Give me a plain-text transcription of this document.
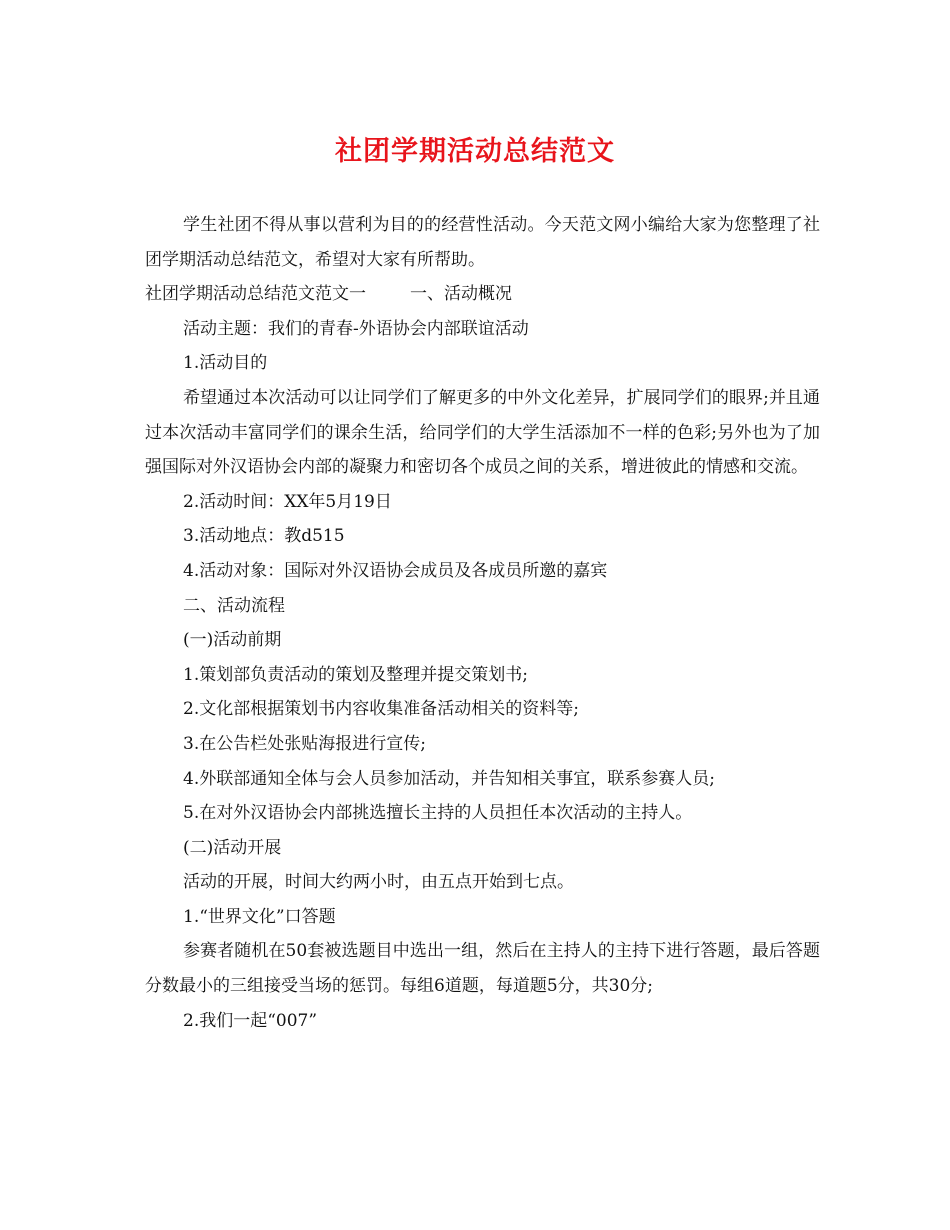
社团学期活动总结范文

学生社团不得从事以营利为目的的经营性活动。今天范文网小编给大家为您整理了社团学期活动总结范文，希望对大家有所帮助。

社团学期活动总结范文范文一	一、活动概况

活动主题：我们的青春-外语协会内部联谊活动

1.活动目的

希望通过本次活动可以让同学们了解更多的中外文化差异，扩展同学们的眼界;并且通过本次活动丰富同学们的课余生活，给同学们的大学生活添加不一样的色彩;另外也为了加强国际对外汉语协会内部的凝聚力和密切各个成员之间的关系，增进彼此的情感和交流。

2.活动时间：XX年5月19日

3.活动地点：教d515

4.活动对象：国际对外汉语协会成员及各成员所邀的嘉宾

二、活动流程

(一)活动前期

1.策划部负责活动的策划及整理并提交策划书;

2.文化部根据策划书内容收集准备活动相关的资料等;

3.在公告栏处张贴海报进行宣传;

4.外联部通知全体与会人员参加活动，并告知相关事宜，联系参赛人员;

5.在对外汉语协会内部挑选擅长主持的人员担任本次活动的主持人。

(二)活动开展

活动的开展，时间大约两小时，由五点开始到七点。

1.“世界文化”口答题

参赛者随机在50套被选题目中选出一组，然后在主持人的主持下进行答题，最后答题分数最小的三组接受当场的惩罚。每组6道题，每道题5分，共30分;

2.我们一起“007”
